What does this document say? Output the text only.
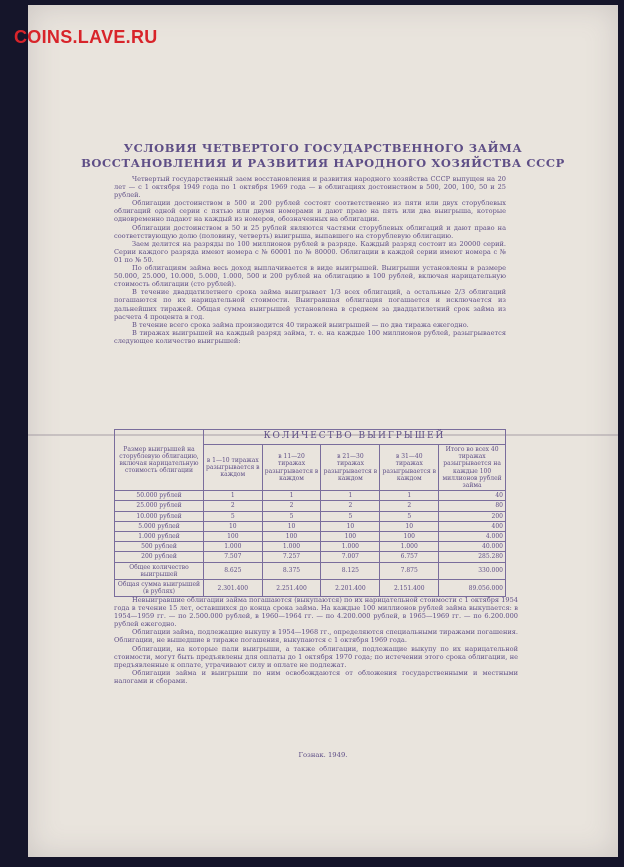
COINS.LAVE.RU
УСЛОВИЯ ЧЕТВЕРТОГО ГОСУДАРСТВЕННОГО ЗАЙМА
ВОССТАНОВЛЕНИЯ И РАЗВИТИЯ НАРОДНОГО ХОЗЯЙСТВА СССР

Четвертый государственный заем восстановления и развития народного хозяйства СССР выпущен на 20 лет — с 1 октября 1949 года по 1 октября 1969 года — в облигациях достоинством в 500, 200, 100, 50 и 25 рублей.

Облигации достоинством в 500 и 200 рублей состоят соответственно из пяти или двух сторублевых облигаций одной серии с пятью или двумя номерами и дают право на пять или два выигрыша, которые одновременно падают на каждый из номеров, обозначенных на облигации.

Облигации достоинством в 50 и 25 рублей являются частями сторублевых облигаций и дают право на соответствующую долю (половину, четверть) выигрыша, выпавшего на сторублевую облигацию.

Заем делится на разряды по 100 миллионов рублей в разряде. Каждый разряд состоит из 20000 серий. Серии каждого разряда имеют номера с № 60001 по № 80000. Облигации в каждой серии имеют номера с № 01 по № 50.

По облигациям займа весь доход выплачивается в виде выигрышей. Выигрыши установлены в размере 50.000, 25.000, 10.000, 5.000, 1.000, 500 и 200 рублей на облигацию в 100 рублей, включая нарицательную стоимость облигации (сто рублей).

В течение двадцатилетнего срока займа выигрывает 1/3 всех облигаций, а остальные 2/3 облигаций погашаются по их нарицательной стоимости. Выигравшая облигация погашается и исключается из дальнейших тиражей. Общая сумма выигрышей установлена в среднем за двадцатилетний срок займа из расчета 4 процента в год.

В течение всего срока займа производится 40 тиражей выигрышей — по два тиража ежегодно.

В тиражах выигрышей на каждый разряд займа, т. е. на каждые 100 миллионов рублей, разыгрывается следующее количество выигрышей:

Размер выигрышей на сторублевую облигацию, включая нарицательную стоимость облигации	КОЛИЧЕСТВО ВЫИГРЫШЕЙ				
	в 1—10 тиражах разыгрывается в каждом	в 11—20 тиражах разыгрывается в каждом	в 21—30 тиражах разыгрывается в каждом	в 31—40 тиражах разыгрывается в каждом	Итого во всех 40 тиражах разыгрывается на каждые 100 миллионов рублей займа
50.000 рублей	1	1	1	1	40
25.000 рублей	2	2	2	2	80
10.000 рублей	5	5	5	5	200
5.000 рублей	10	10	10	10	400
1.000 рублей	100	100	100	100	4.000
500 рублей	1.000	1.000	1.000	1.000	40.000
200 рублей	7.507	7.257	7.007	6.757	285.280
Общее количество выигрышей	8.625	8.375	8.125	7.875	330.000
Общая сумма выигрышей (в рублях)	2.301.400	2.251.400	2.201.400	2.151.400	89.056.000

Невыигравшие облигации займа погашаются (выкупаются) по их нарицательной стоимости с 1 октября 1954 года в течение 15 лет, оставшихся до конца срока займа. На каждые 100 миллионов рублей займа выкупается: в 1954—1959 гг. — по 2.500.000 рублей, в 1960—1964 гг. — по 4.200.000 рублей, в 1965—1969 гг. — по 6.200.000 рублей ежегодно.

Облигации займа, подлежащие выкупу в 1954—1968 гг., определяются специальными тиражами погашения. Облигации, не вышедшие в тираже погашения, выкупаются с 1 октября 1969 года.

Облигации, на которые пали выигрыши, а также облигации, подлежащие выкупу по их нарицательной стоимости, могут быть предъявлены для оплаты до 1 октября 1970 года; по истечении этого срока облигации, не предъявленные к оплате, утрачивают силу и оплате не подлежат.

Облигации займа и выигрыши по ним освобождаются от обложения государственными и местными налогами и сборами.

Гознак. 1949.
